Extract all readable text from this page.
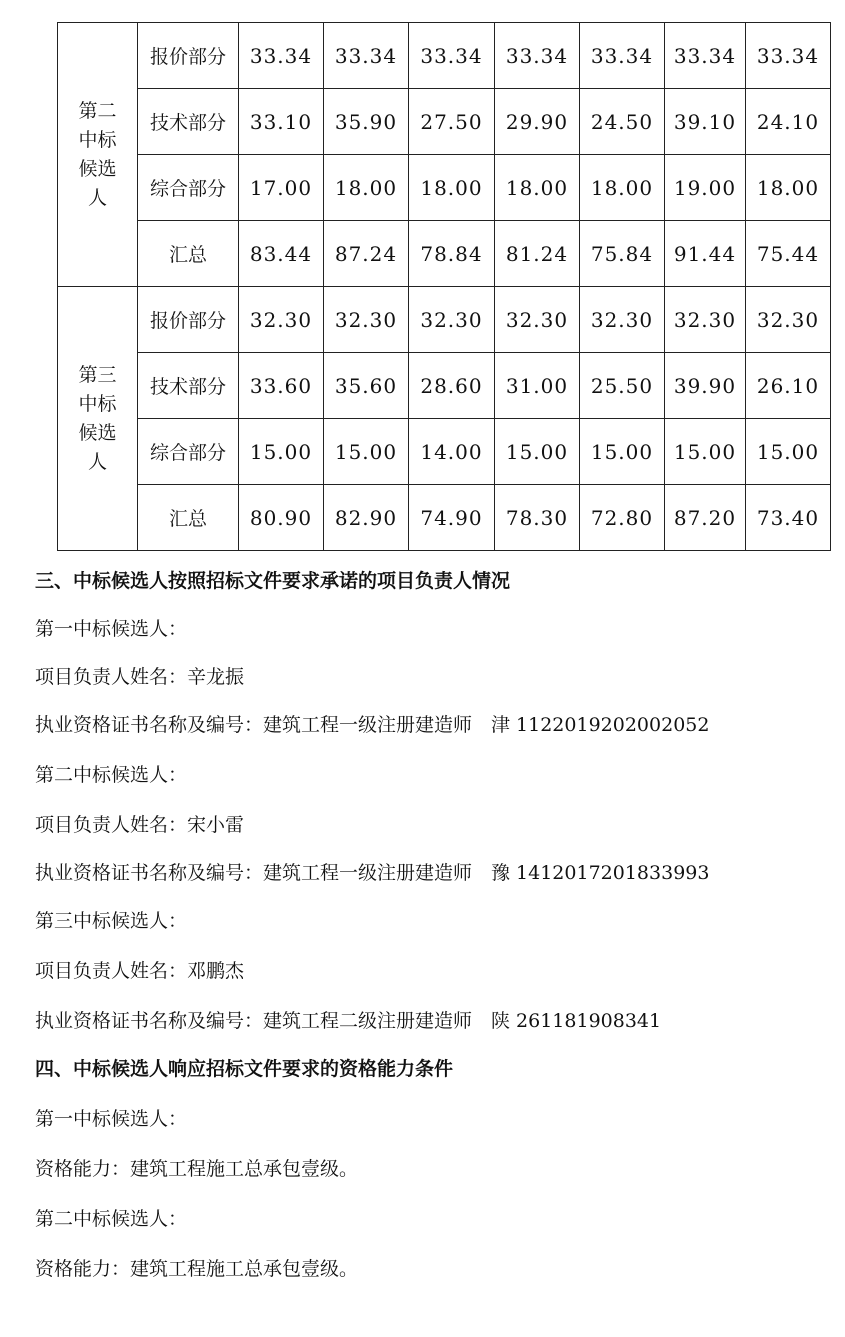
第二
中标
候选
人	报价部分	33.34	33.34	33.34	33.34	33.34	33.34	33.34
	技术部分	33.10	35.90	27.50	29.90	24.50	39.10	24.10
	综合部分	17.00	18.00	18.00	18.00	18.00	19.00	18.00
	汇总	83.44	87.24	78.84	81.24	75.84	91.44	75.44

第三
中标
候选
人	报价部分	32.30	32.30	32.30	32.30	32.30	32.30	32.30
	技术部分	33.60	35.60	28.60	31.00	25.50	39.90	26.10
	综合部分	15.00	15.00	14.00	15.00	15.00	15.00	15.00
	汇总	80.90	82.90	74.90	78.30	72.80	87.20	73.40
三、中标候选人按照招标文件要求承诺的项目负责人情况
第一中标候选人：
项目负责人姓名：辛龙振
执业资格证书名称及编号：建筑工程一级注册建造师　津 1122019202002052
第二中标候选人：
项目负责人姓名：宋小雷
执业资格证书名称及编号：建筑工程一级注册建造师　豫 1412017201833993
第三中标候选人：
项目负责人姓名：邓鹏杰
执业资格证书名称及编号：建筑工程二级注册建造师　陕 261181908341
四、中标候选人响应招标文件要求的资格能力条件
第一中标候选人：
资格能力：建筑工程施工总承包壹级。
第二中标候选人：
资格能力：建筑工程施工总承包壹级。
